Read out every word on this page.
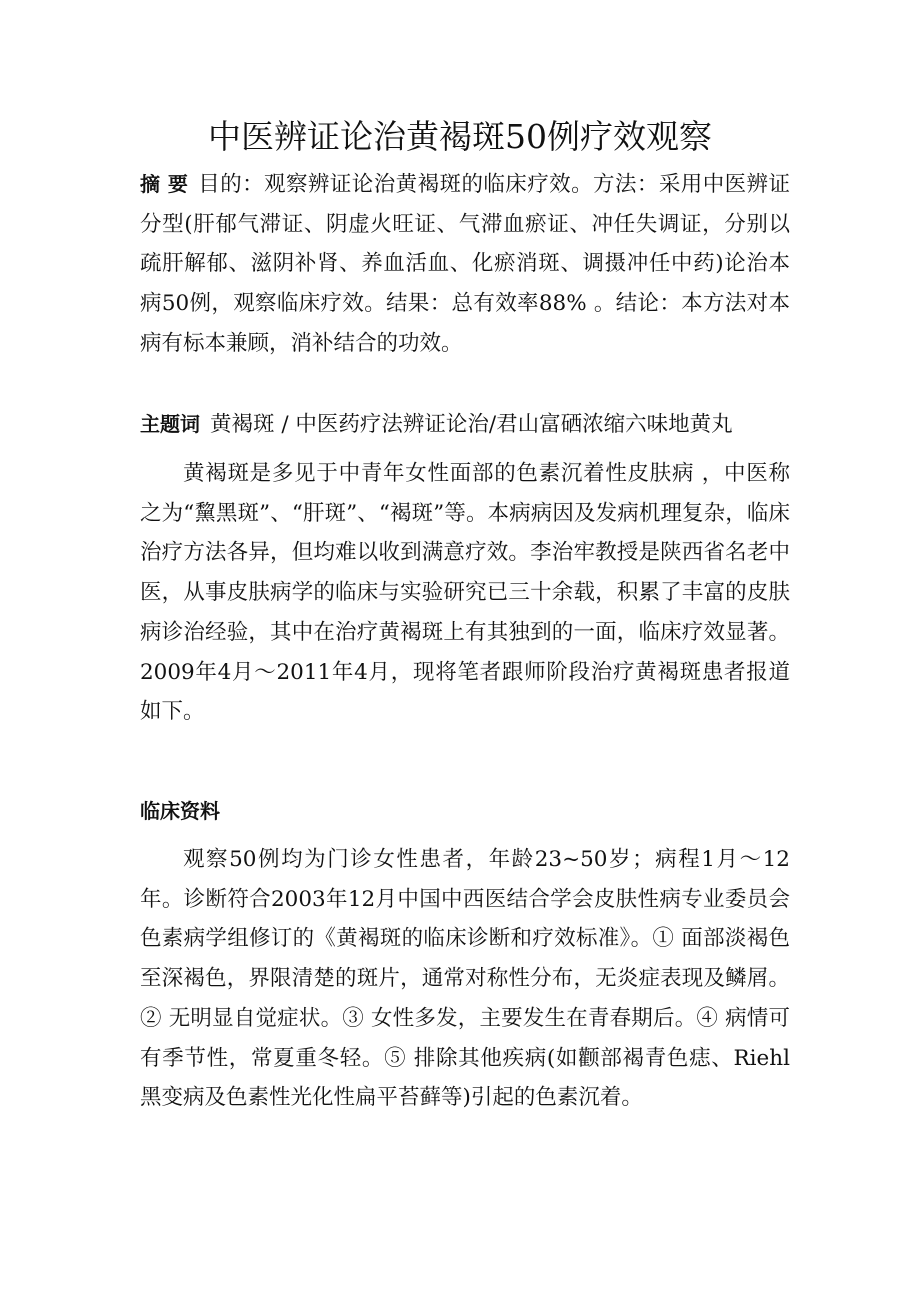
中医辨证论治黄褐斑50例疗效观察

摘 要 目的：观察辨证论治黄褐斑的临床疗效。方法：采用中医辨证分型(肝郁气滞证、阴虚火旺证、气滞血瘀证、冲任失调证，分别以疏肝解郁、滋阴补肾、养血活血、化瘀消斑、调摄冲任中药)论治本病50例，观察临床疗效。结果：总有效率88% 。结论：本方法对本病有标本兼顾，消补结合的功效。

主题词 黄褐斑 / 中医药疗法辨证论治/君山富硒浓缩六味地黄丸

黄褐斑是多见于中青年女性面部的色素沉着性皮肤病 ，中医称之为“黧黑斑”、“肝斑”、“褐斑”等。本病病因及发病机理复杂，临床治疗方法各异，但均难以收到满意疗效。李治牢教授是陕西省名老中医，从事皮肤病学的临床与实验研究已三十余载，积累了丰富的皮肤病诊治经验，其中在治疗黄褐斑上有其独到的一面，临床疗效显著。2009年4月～2011年4月，现将笔者跟师阶段治疗黄褐斑患者报道如下。

临床资料

观察50例均为门诊女性患者，年龄23~50岁；病程1月～12年。诊断符合2003年12月中国中西医结合学会皮肤性病专业委员会色素病学组修订的《黄褐斑的临床诊断和疗效标准》。① 面部淡褐色至深褐色，界限清楚的斑片，通常对称性分布，无炎症表现及鳞屑。② 无明显自觉症状。③ 女性多发，主要发生在青春期后。④ 病情可有季节性，常夏重冬轻。⑤ 排除其他疾病(如颧部褐青色痣、Riehl黑变病及色素性光化性扁平苔藓等)引起的色素沉着。
